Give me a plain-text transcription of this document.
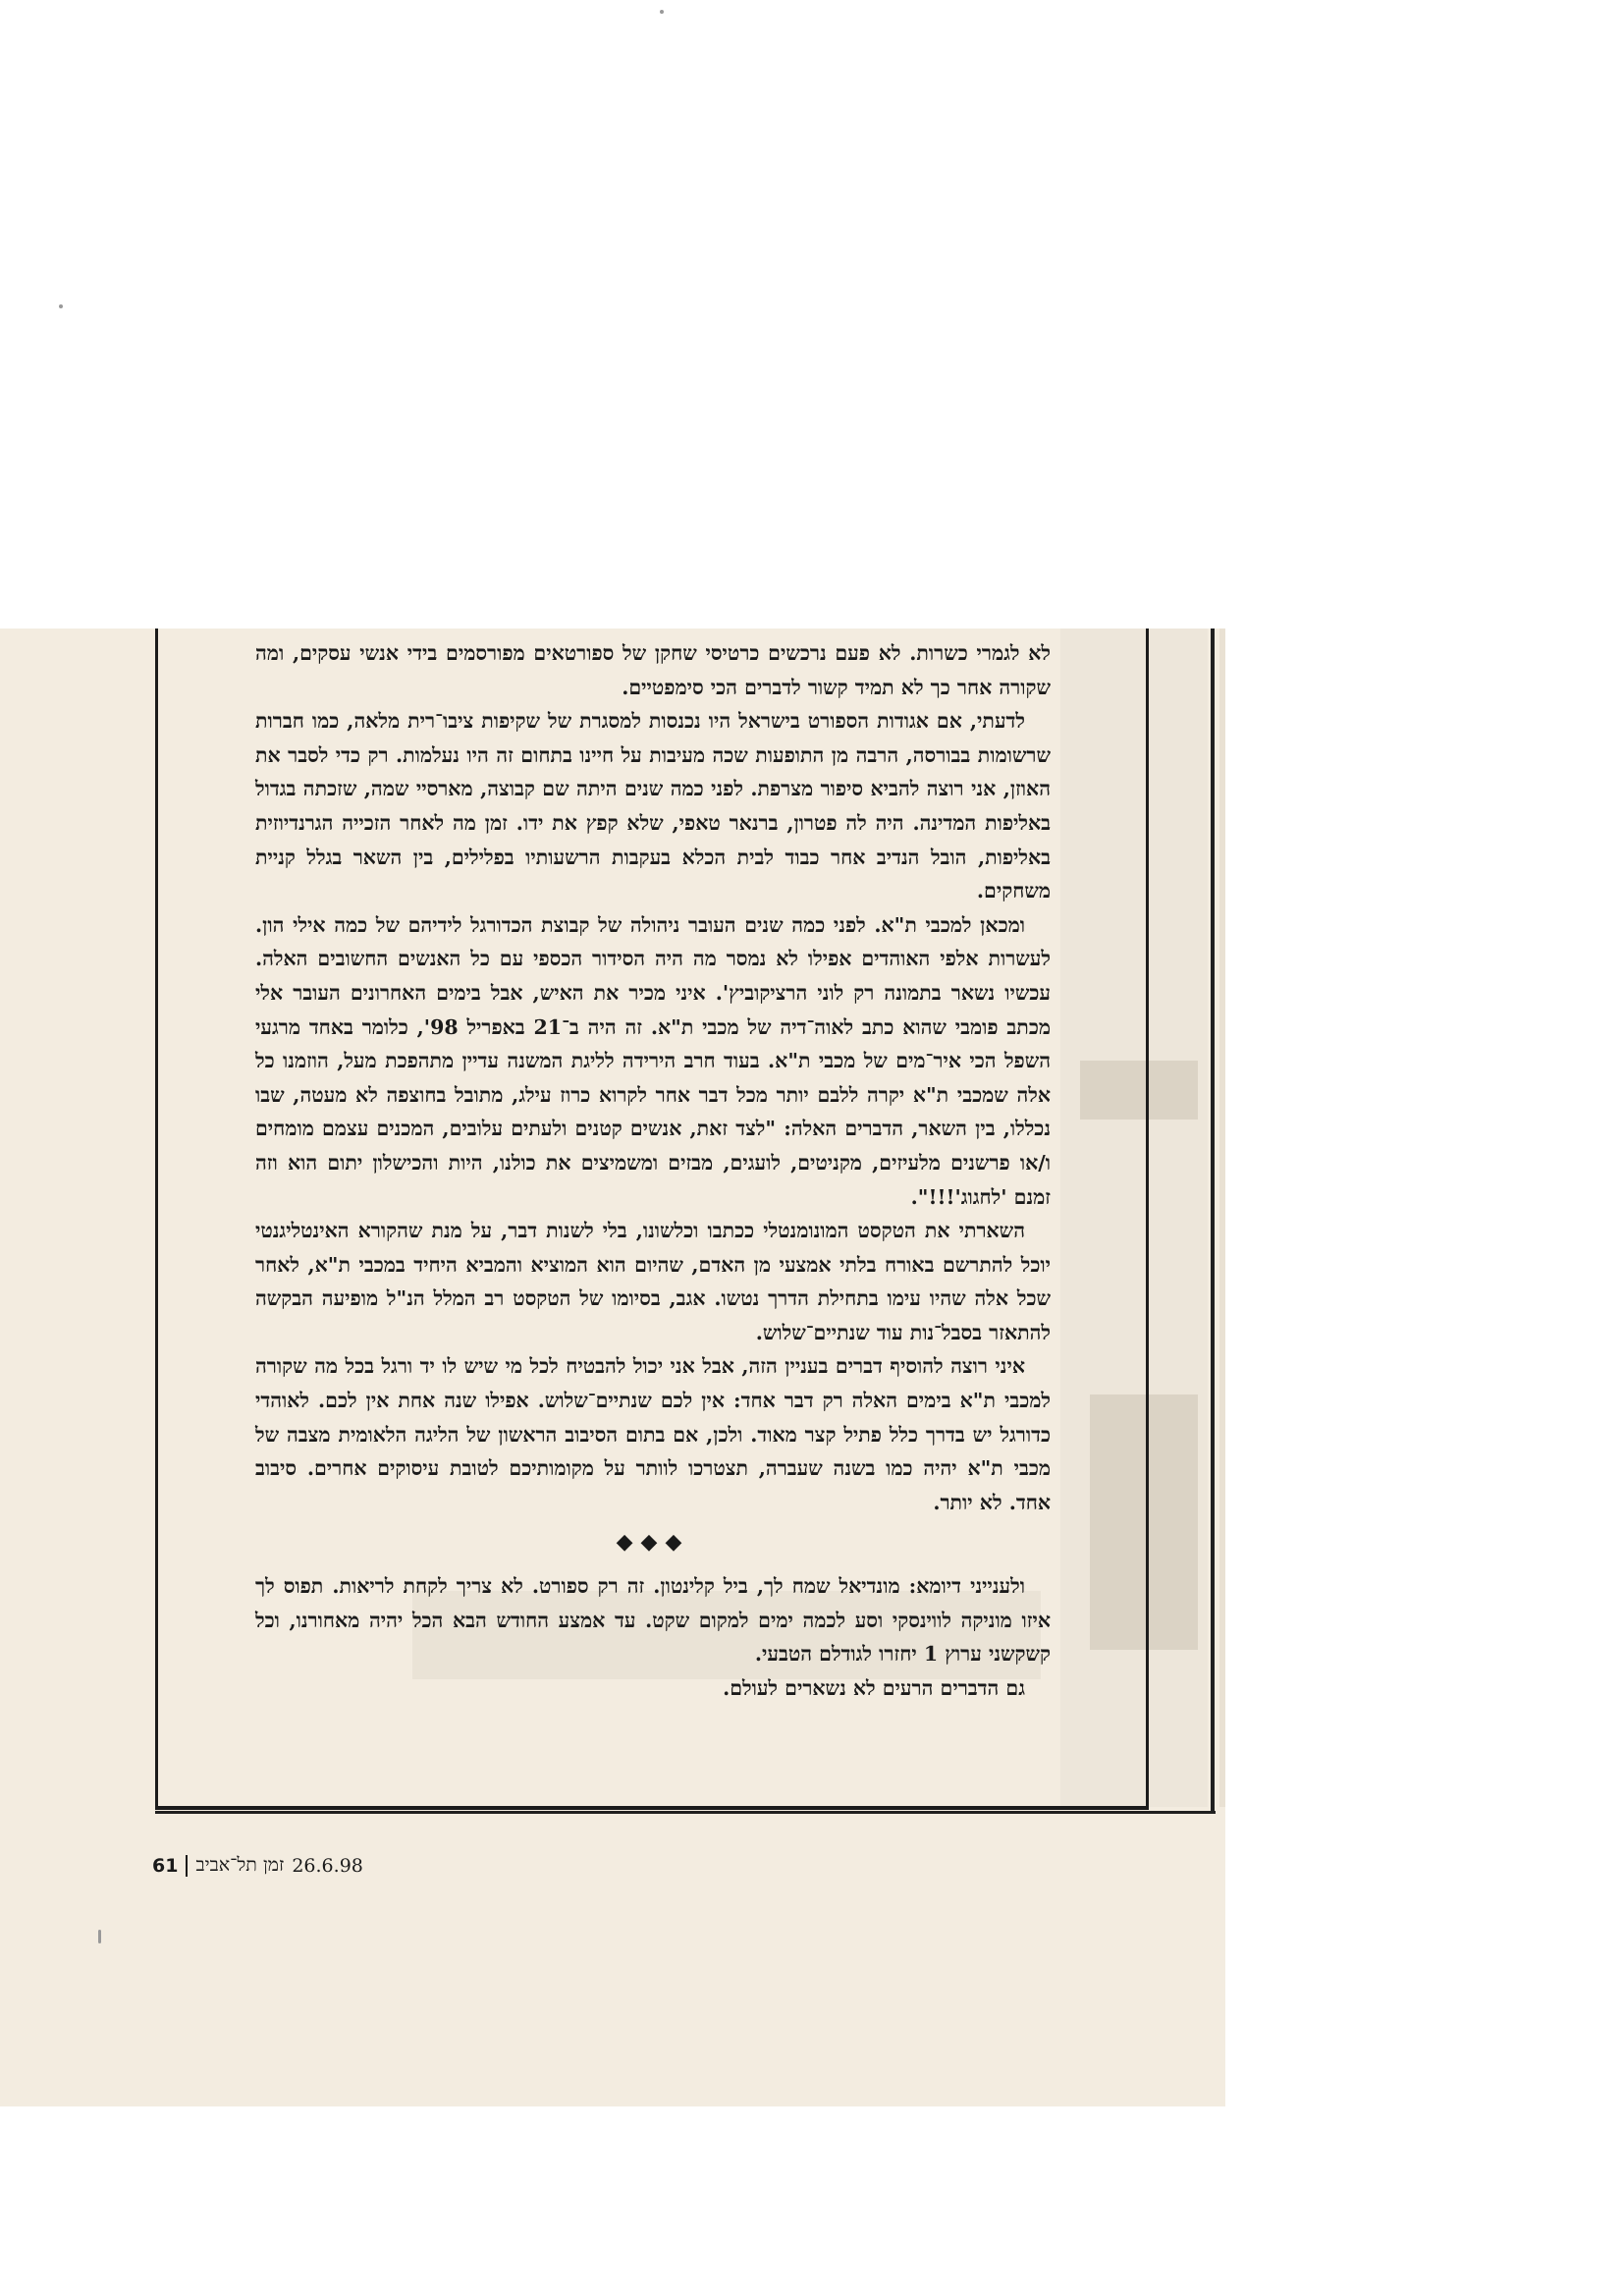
לא לגמרי כשרות. לא פעם נרכשים כרטיסי שחקן של ספורטאים מפורסמים בידי אנשי עסקים, ומה שקורה אחר כך לא תמיד קשור לדברים הכי סימפטיים.

לדעתי, אם אגודות הספורט בישראל היו נכנסות למסגרת של שקיפות ציבו־רית מלאה, כמו חברות שרשומות בבורסה, הרבה מן התופעות שכה מעיבות על חיינו בתחום זה היו נעלמות. רק כדי לסבר את האוזן, אני רוצה להביא סיפור מצרפת. לפני כמה שנים היתה שם קבוצה, מארסיי שמה, שזכתה בגדול באליפות המדינה. היה לה פטרון, ברנאר טאפי, שלא קפץ את ידו. זמן מה לאחר הזכייה הגרנדיוזית באליפות, הובל הנדיב אחר כבוד לבית הכלא בעקבות הרשעותיו בפלילים, בין השאר בגלל קניית משחקים.

ומכאן למכבי ת"א. לפני כמה שנים העובר ניהולה של קבוצת הכדורגל לידיהם של כמה אילי הון. לעשרות אלפי האוהדים אפילו לא נמסר מה היה הסידור הכספי עם כל האנשים החשובים האלה. עכשיו נשאר בתמונה רק לוני הרציקוביץ'. איני מכיר את האיש, אבל בימים האחרונים העובר אלי מכתב פומבי שהוא כתב לאוה־דיה של מכבי ת"א. זה היה ב־21 באפריל 98', כלומר באחד מרגעי השפל הכי איר־מים של מכבי ת"א. בעוד חרב הירידה לליגת המשנה עדיין מתהפכת מעל, הוזמנו כל אלה שמכבי ת"א יקרה ללבם יותר מכל דבר אחר לקרוא כרוז עילג, מתובל בחוצפה לא מעטה, שבו נכללו, בין השאר, הדברים האלה: "לצד זאת, אנשים קטנים ולעתים עלובים, המכנים עצמם מומחים ו/או פרשנים מלעיזים, מקניטים, לועגים, מבזים ומשמיצים את כולנו, היות והכישלון יתום הוא וזה זמנם 'לחגוג'!!!".

השארתי את הטקסט המונומנטלי ככתבו וכלשונו, בלי לשנות דבר, על מנת שהקורא האינטליגנטי יוכל להתרשם באורח בלתי אמצעי מן האדם, שהיום הוא המוציא והמביא היחיד במכבי ת"א, לאחר שכל אלה שהיו עימו בתחילת הדרך נטשו. אגב, בסיומו של הטקסט רב המלל הנ"ל מופיעה הבקשה להתאזר בסבל־נות עוד שנתיים־שלוש.

איני רוצה להוסיף דברים בעניין הזה, אבל אני יכול להבטיח לכל מי שיש לו יד ורגל בכל מה שקורה למכבי ת"א בימים האלה רק דבר אחד: אין לכם שנתיים־שלוש. אפילו שנה אחת אין לכם. לאוהדי כדורגל יש בדרך כלל פתיל קצר מאוד. ולכן, אם בתום הסיבוב הראשון של הליגה הלאומית מצבה של מכבי ת"א יהיה כמו בשנה שעברה, תצטרכו לוותר על מקומותיכם לטובת עיסוקים אחרים. סיבוב אחד. לא יותר.

◆◆◆

ולענייני דיומא: מונדיאל שמח לך, ביל קלינטון. זה רק ספורט. לא צריך לקחת לריאות. תפוס לך איזו מוניקה לווינסקי וסע לכמה ימים למקום שקט. עד אמצע החודש הבא הכל יהיה מאחורנו, וכל קשקשני ערוץ 1 יחזרו לגודלם הטבעי.

גם הדברים הרעים לא נשארים לעולם.

61 זמן תל־אביב 26.6.98
